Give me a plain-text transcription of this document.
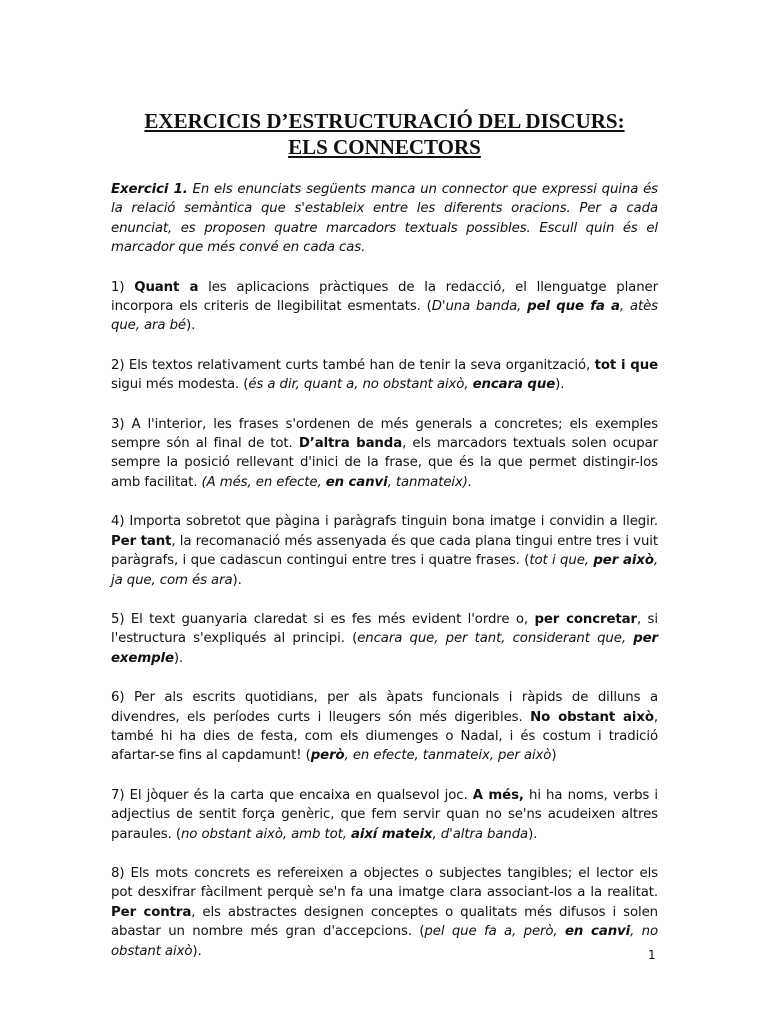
EXERCICIS D’ESTRUCTURACIÓ DEL DISCURS:
ELS CONNECTORS

Exercici 1. En els enunciats següents manca un connector que expressi quina és la relació semàntica que s'estableix entre les diferents oracions. Per a cada enunciat, es proposen quatre marcadors textuals possibles. Escull quin és el marcador que més convé en cada cas.

1) Quant a les aplicacions pràctiques de la redacció, el llenguatge planer incorpora els criteris de llegibilitat esmentats. (D'una banda, pel que fa a, atès que, ara bé).

2) Els textos relativament curts també han de tenir la seva organització, tot i que sigui més modesta. (és a dir, quant a, no obstant això, encara que).

3) A l'interior, les frases s'ordenen de més generals a concretes; els exemples sempre són al final de tot. D’altra banda, els marcadors textuals solen ocupar sempre la posició rellevant d'inici de la frase, que és la que permet distingir-los amb facilitat. (A més, en efecte, en canvi, tanmateix).

4) Importa sobretot que pàgina i paràgrafs tinguin bona imatge i convidin a llegir. Per tant, la recomanació més assenyada és que cada plana tingui entre tres i vuit paràgrafs, i que cadascun contingui entre tres i quatre frases. (tot i que, per això, ja que, com és ara).

5) El text guanyaria claredat si es fes més evident l'ordre o, per concretar, si l'estructura s'expliqués al principi. (encara que, per tant, considerant que, per exemple).

6) Per als escrits quotidians, per als àpats funcionals i ràpids de dilluns a divendres, els períodes curts i lleugers són més digeribles. No obstant això, també hi ha dies de festa, com els diumenges o Nadal, i és costum i tradició afartar-se fins al capdamunt! (però, en efecte, tanmateix, per això)

7) El jòquer és la carta que encaixa en qualsevol joc. A més, hi ha noms, verbs i adjectius de sentit força genèric, que fem servir quan no se'ns acudeixen altres paraules. (no obstant això, amb tot, així mateix, d'altra banda).

8) Els mots concrets es refereixen a objectes o subjectes tangibles; el lector els pot desxifrar fàcilment perquè se'n fa una imatge clara associant-los a la realitat. Per contra, els abstractes designen conceptes o qualitats més difusos i solen abastar un nombre més gran d'accepcions. (pel que fa a, però, en canvi, no obstant això).	1
